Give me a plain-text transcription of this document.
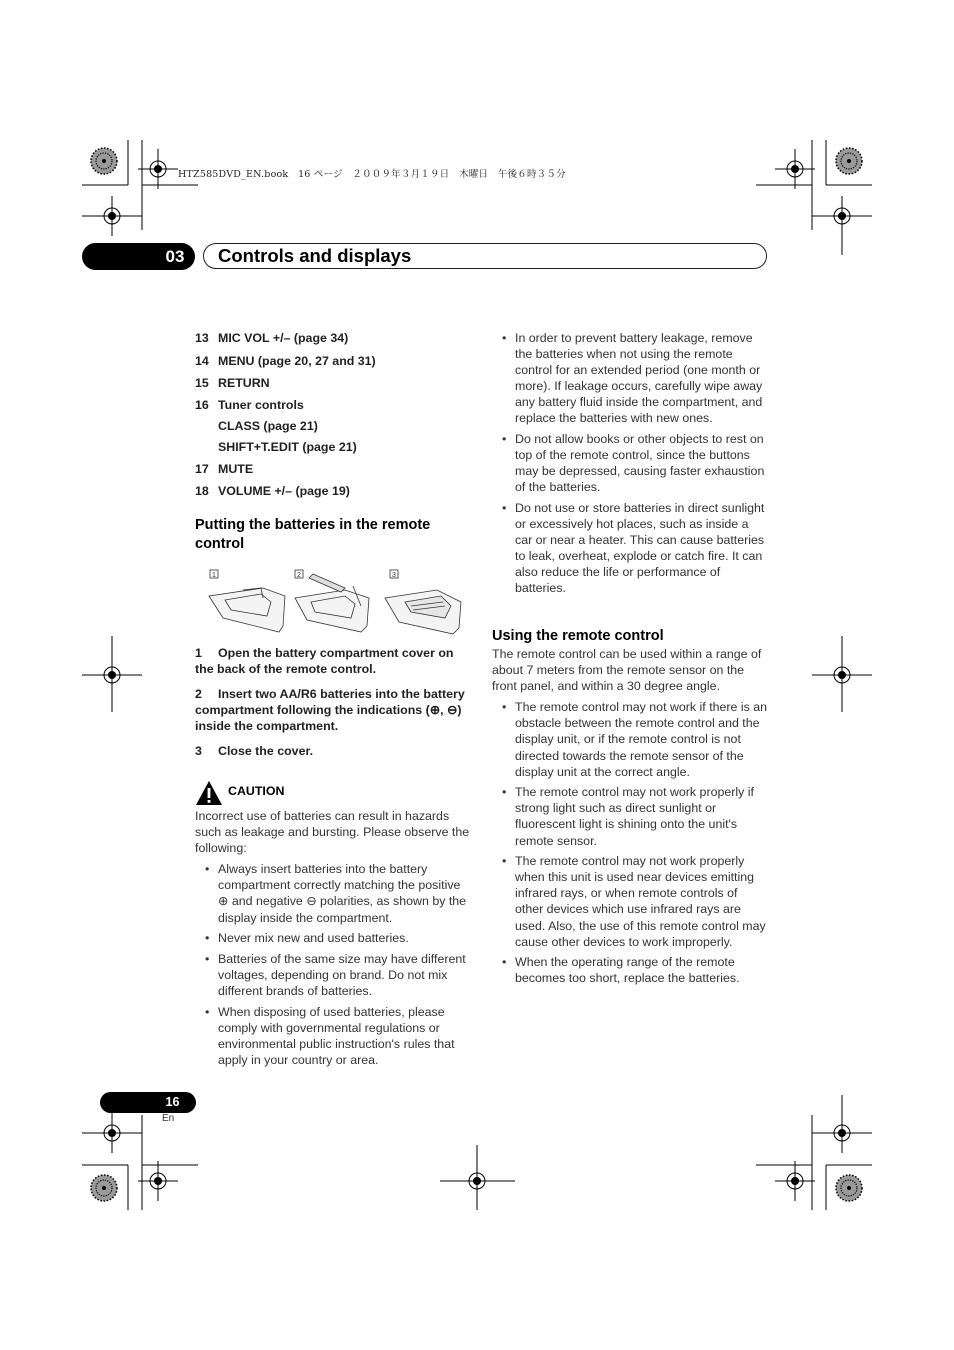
HTZ585DVD_EN.book　16 ページ　２００９年３月１９日　木曜日　午後６時３５分
03 Controls and displays
13 MIC VOL +/– (page 34)
14 MENU (page 20, 27 and 31)
15 RETURN
16 Tuner controls
CLASS (page 21)
SHIFT+T.EDIT (page 21)
17 MUTE
18 VOLUME +/– (page 19)
Putting the batteries in the remote control
1	2	3
1 Open the battery compartment cover on the back of the remote control.
2 Insert two AA/R6 batteries into the battery compartment following the indications (⊕, ⊖) inside the compartment.
3 Close the cover.
CAUTION
Incorrect use of batteries can result in hazards such as leakage and bursting. Please observe the following:
• Always insert batteries into the battery compartment correctly matching the positive ⊕ and negative ⊖ polarities, as shown by the display inside the compartment.
• Never mix new and used batteries.
• Batteries of the same size may have different voltages, depending on brand. Do not mix different brands of batteries.
• When disposing of used batteries, please comply with governmental regulations or environmental public instruction's rules that apply in your country or area.
• In order to prevent battery leakage, remove the batteries when not using the remote control for an extended period (one month or more). If leakage occurs, carefully wipe away any battery fluid inside the compartment, and replace the batteries with new ones.
• Do not allow books or other objects to rest on top of the remote control, since the buttons may be depressed, causing faster exhaustion of the batteries.
• Do not use or store batteries in direct sunlight or excessively hot places, such as inside a car or near a heater. This can cause batteries to leak, overheat, explode or catch fire. It can also reduce the life or performance of batteries.
Using the remote control
The remote control can be used within a range of about 7 meters from the remote sensor on the front panel, and within a 30 degree angle.
• The remote control may not work if there is an obstacle between the remote control and the display unit, or if the remote control is not directed towards the remote sensor of the display unit at the correct angle.
• The remote control may not work properly if strong light such as direct sunlight or fluorescent light is shining onto the unit's remote sensor.
• The remote control may not work properly when this unit is used near devices emitting infrared rays, or when remote controls of other devices which use infrared rays are used. Also, the use of this remote control may cause other devices to work improperly.
• When the operating range of the remote becomes too short, replace the batteries.
16
En
